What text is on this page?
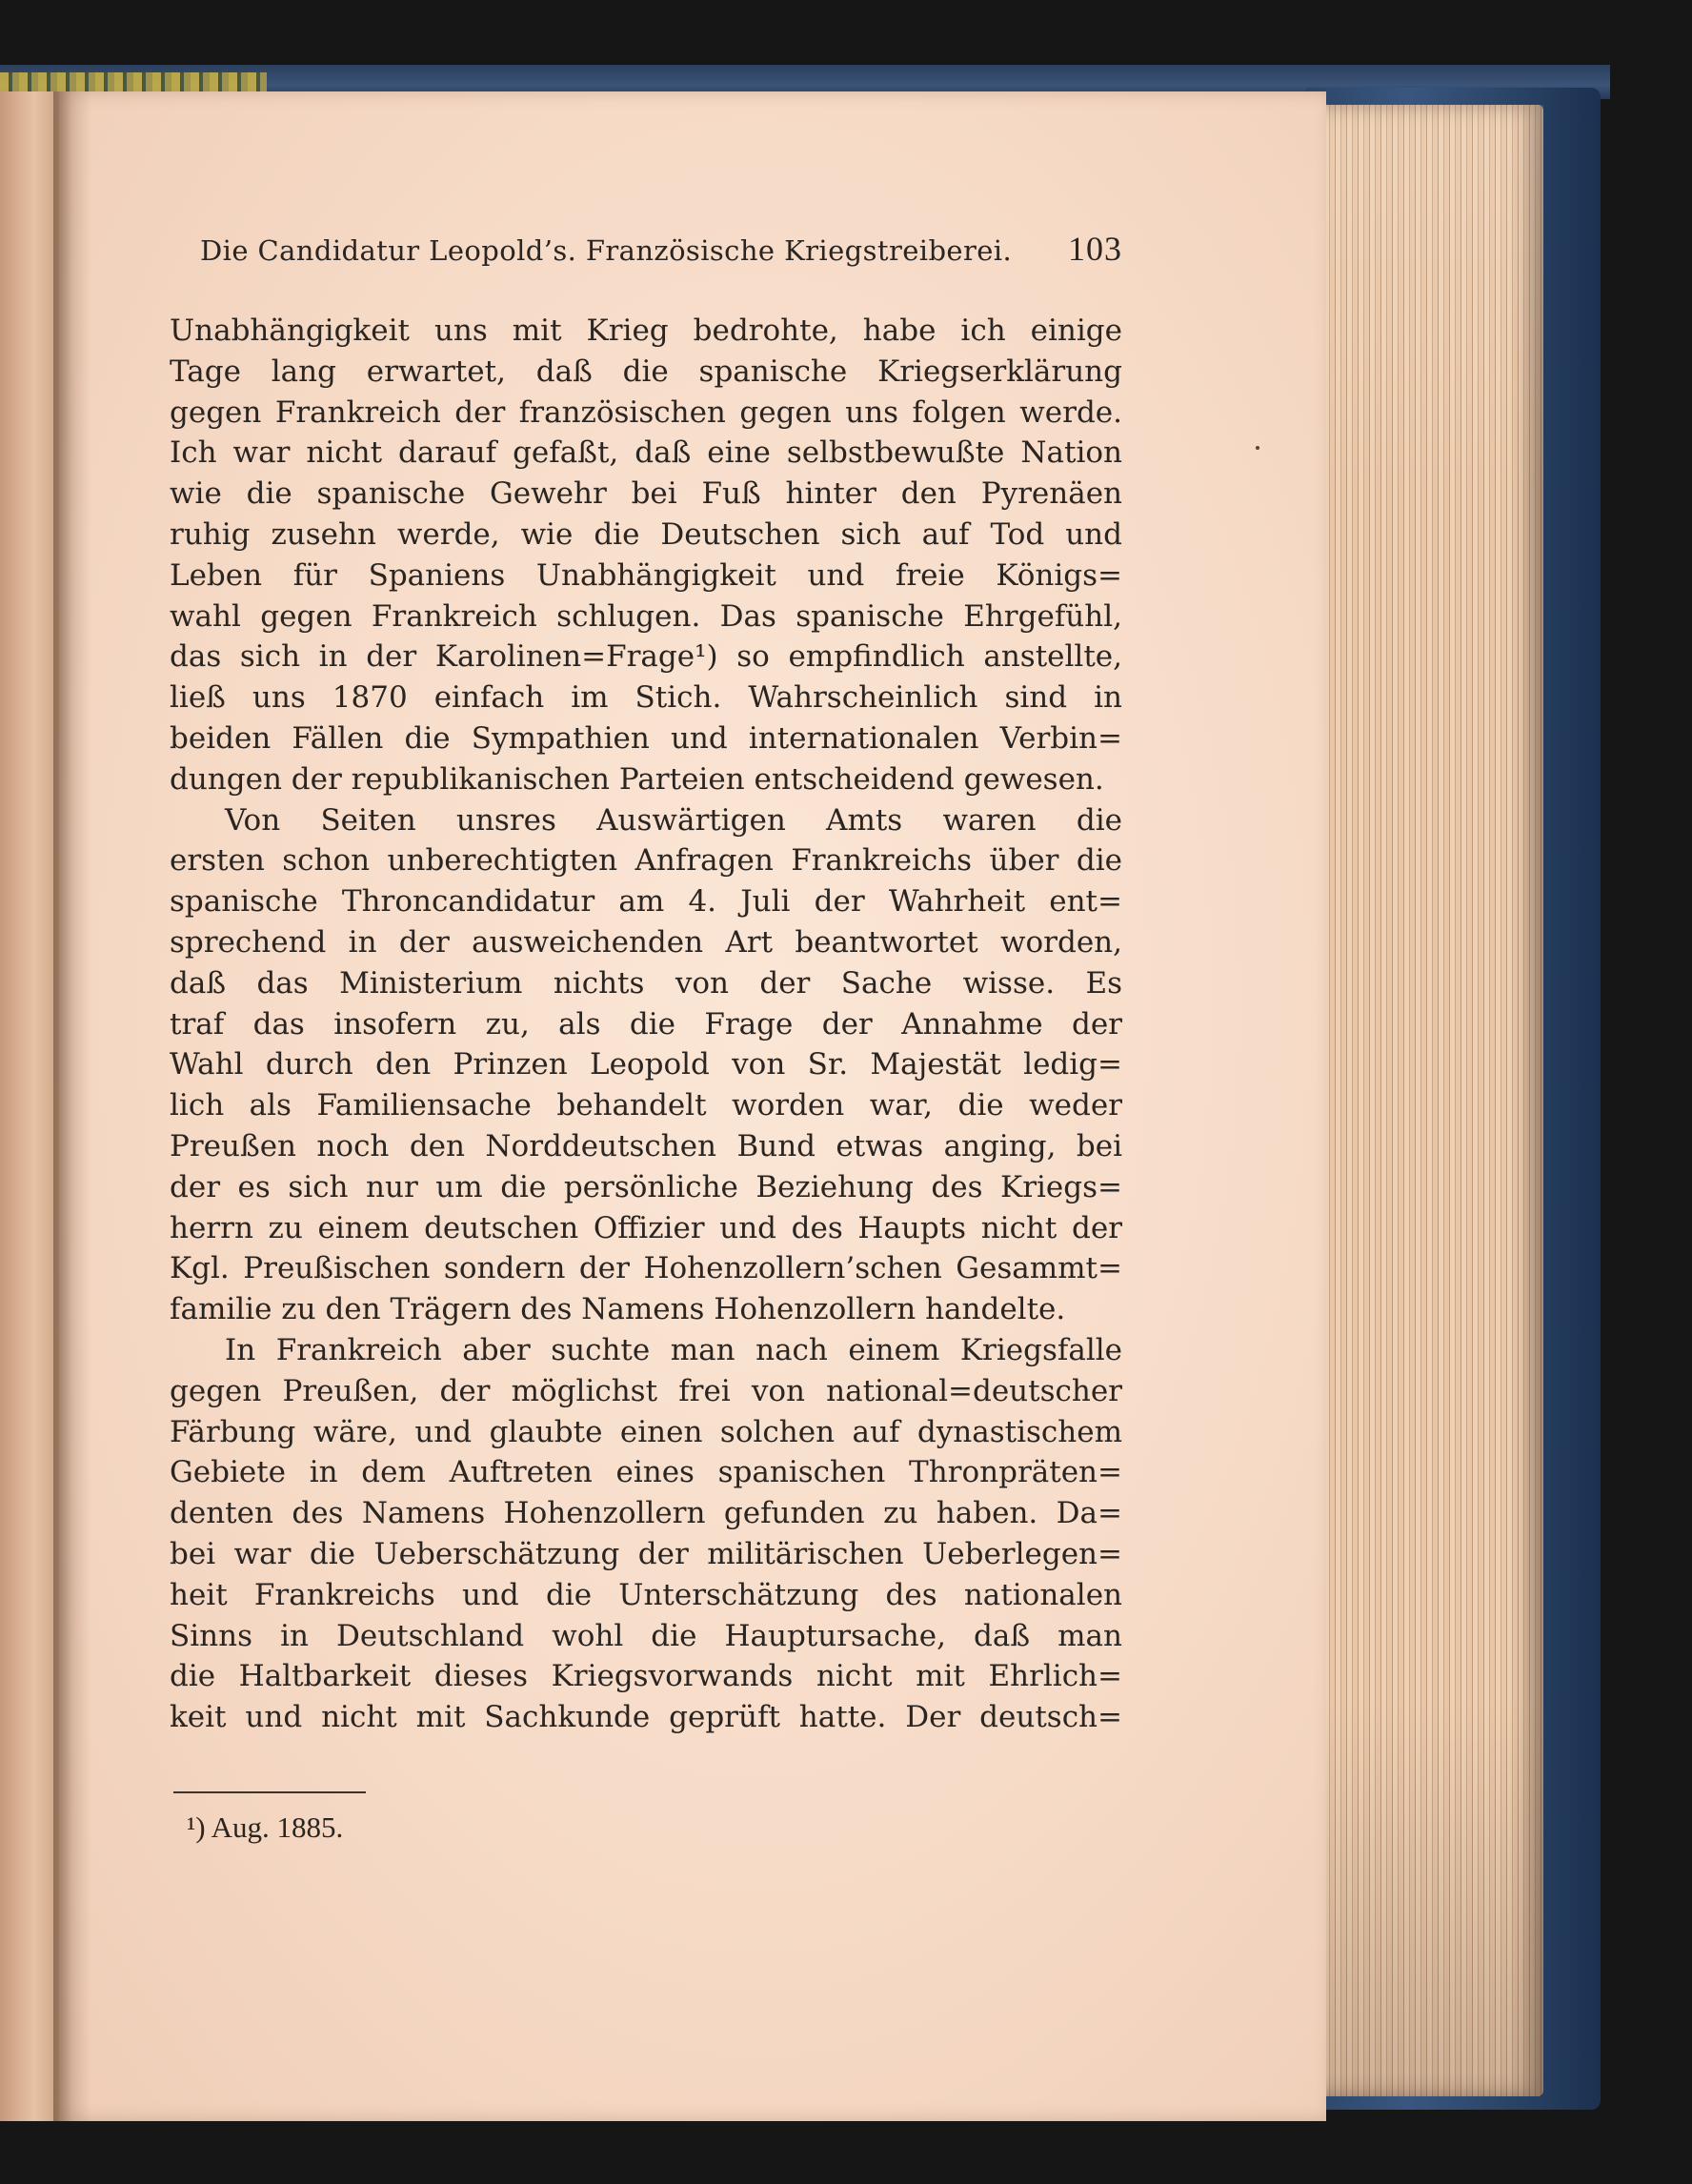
Die Candidatur Leopold’s. Französische Kriegstreiberei. 103
Unabhängigkeit uns mit Krieg bedrohte, habe ich einige
Tage lang erwartet, daß die spanische Kriegserklärung
gegen Frankreich der französischen gegen uns folgen werde.
Ich war nicht darauf gefaßt, daß eine selbstbewußte Nation
wie die spanische Gewehr bei Fuß hinter den Pyrenäen
ruhig zusehn werde, wie die Deutschen sich auf Tod und
Leben für Spaniens Unabhängigkeit und freie Königs=
wahl gegen Frankreich schlugen. Das spanische Ehrgefühl,
das sich in der Karolinen=Frage¹) so empfindlich anstellte,
ließ uns 1870 einfach im Stich. Wahrscheinlich sind in
beiden Fällen die Sympathien und internationalen Verbin=
dungen der republikanischen Parteien entscheidend gewesen.
Von Seiten unsres Auswärtigen Amts waren die
ersten schon unberechtigten Anfragen Frankreichs über die
spanische Throncandidatur am 4. Juli der Wahrheit ent=
sprechend in der ausweichenden Art beantwortet worden,
daß das Ministerium nichts von der Sache wisse. Es
traf das insofern zu, als die Frage der Annahme der
Wahl durch den Prinzen Leopold von Sr. Majestät ledig=
lich als Familiensache behandelt worden war, die weder
Preußen noch den Norddeutschen Bund etwas anging, bei
der es sich nur um die persönliche Beziehung des Kriegs=
herrn zu einem deutschen Offizier und des Haupts nicht der
Kgl. Preußischen sondern der Hohenzollern’schen Gesammt=
familie zu den Trägern des Namens Hohenzollern handelte.
In Frankreich aber suchte man nach einem Kriegsfalle
gegen Preußen, der möglichst frei von national=deutscher
Färbung wäre, und glaubte einen solchen auf dynastischem
Gebiete in dem Auftreten eines spanischen Thronpräten=
denten des Namens Hohenzollern gefunden zu haben. Da=
bei war die Ueberschätzung der militärischen Ueberlegen=
heit Frankreichs und die Unterschätzung des nationalen
Sinns in Deutschland wohl die Hauptursache, daß man
die Haltbarkeit dieses Kriegsvorwands nicht mit Ehrlich=
keit und nicht mit Sachkunde geprüft hatte. Der deutsch=
¹) Aug. 1885.
